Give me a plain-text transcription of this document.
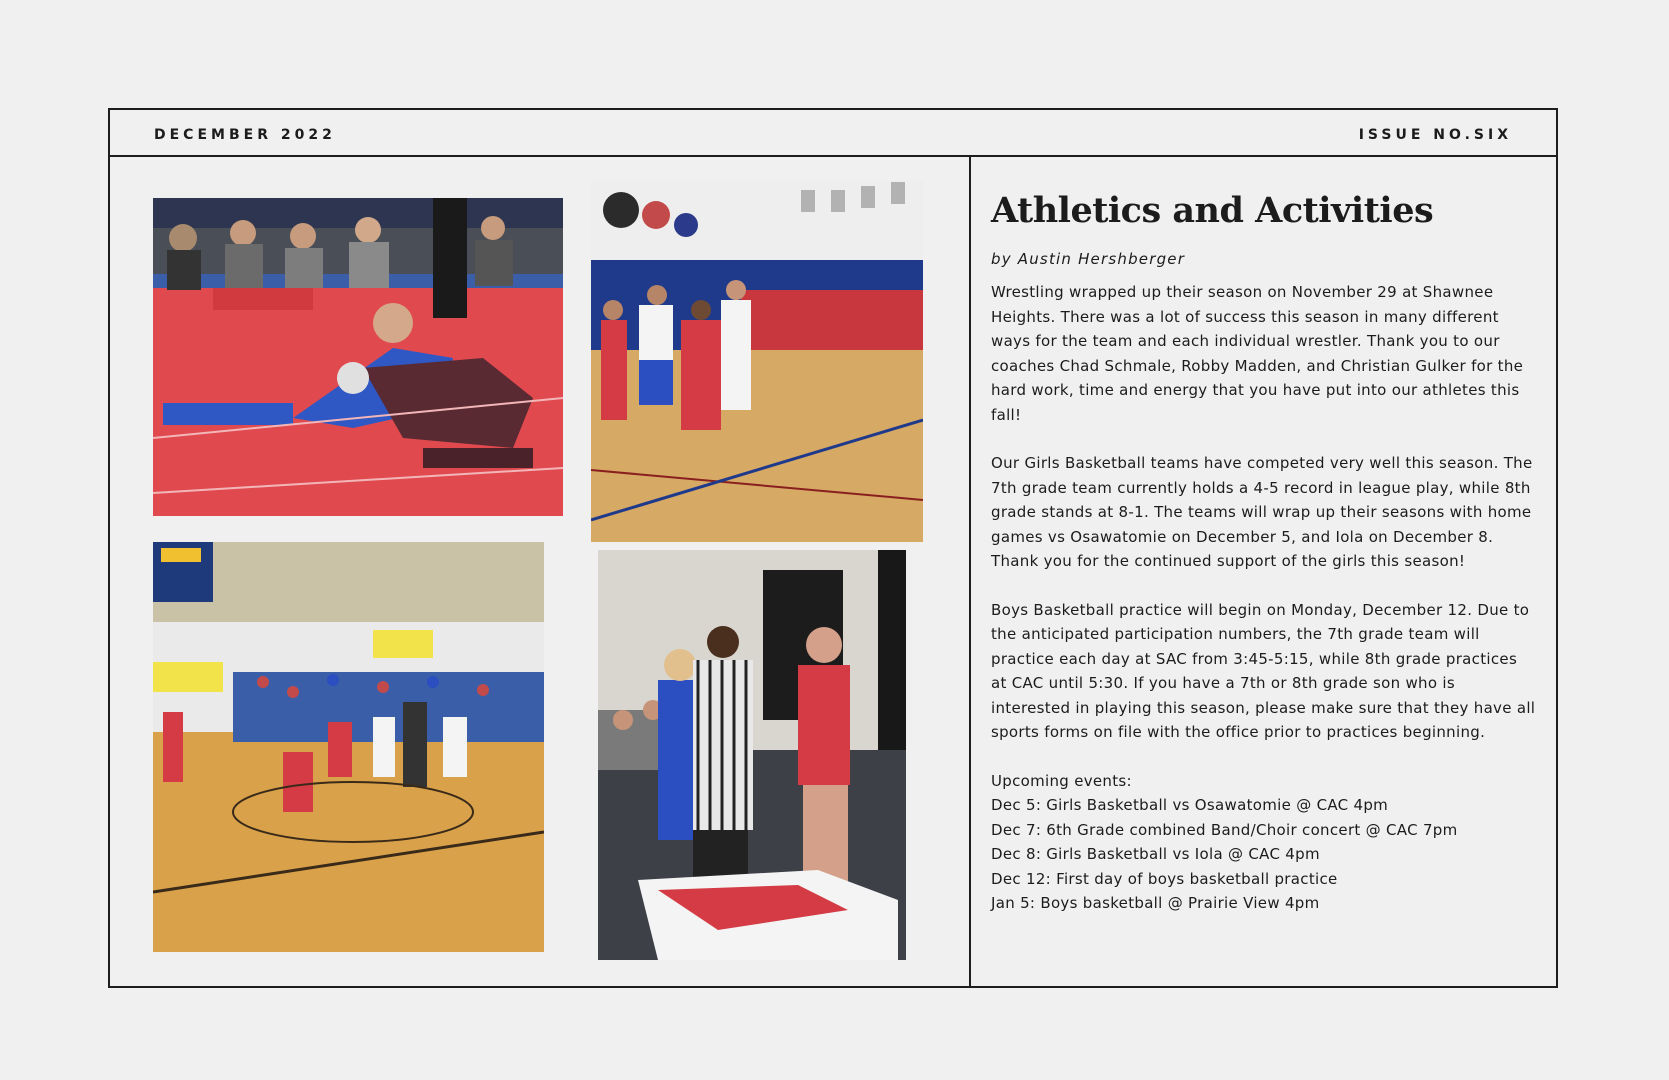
DECEMBER 2022	ISSUE NO.SIX
Athletics and Activities
by Austin Hershberger
Wrestling wrapped up their season on November 29 at Shawnee Heights. There was a lot of success this season in many different ways for the team and each individual wrestler. Thank you to our coaches Chad Schmale, Robby Madden, and Christian Gulker for the hard work, time and energy that you have put into our athletes this fall!
Our Girls Basketball teams have competed very well this season. The 7th grade team currently holds a 4-5 record in league play, while 8th grade stands at 8-1. The teams will wrap up their seasons with home games vs Osawatomie on December 5, and Iola on December 8. Thank you for the continued support of the girls this season!
Boys Basketball practice will begin on Monday, December 12. Due to the anticipated participation numbers, the 7th grade team will practice each day at SAC from 3:45-5:15, while 8th grade practices at CAC until 5:30. If you have a 7th or 8th grade son who is interested in playing this season, please make sure that they have all sports forms on file with the office prior to practices beginning.
Upcoming events:
Dec 5: Girls Basketball vs Osawatomie @ CAC 4pm
Dec 7: 6th Grade combined Band/Choir concert @ CAC 7pm
Dec 8: Girls Basketball vs Iola @ CAC 4pm
Dec 12: First day of boys basketball practice
Jan 5: Boys basketball @ Prairie View 4pm
